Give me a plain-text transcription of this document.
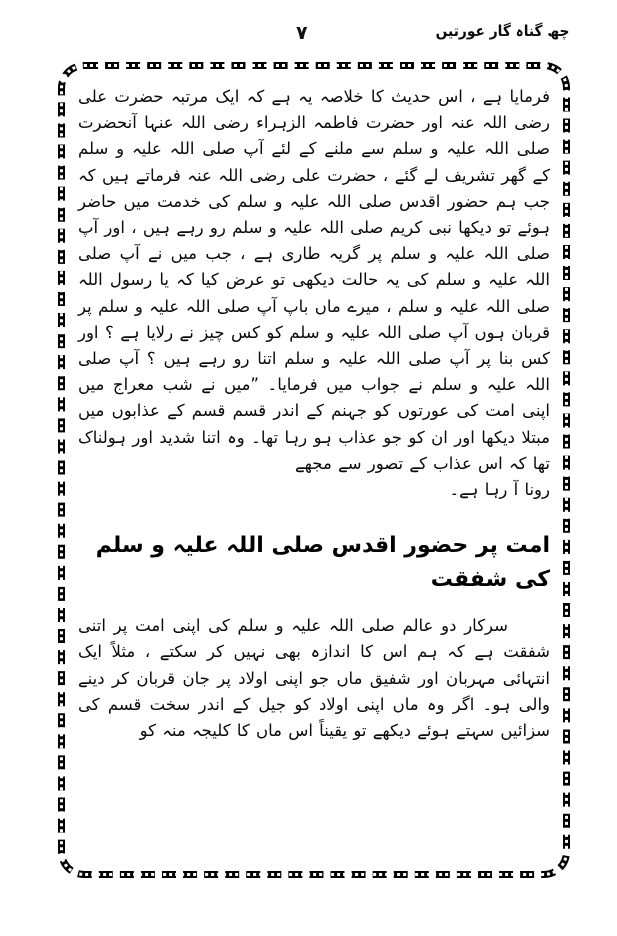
چھ گناہ گار عورتیں
٧

فرمایا ہے ، اس حدیث کا خلاصہ یہ ہے کہ ایک مرتبہ حضرت علی رضی اللہ عنہ اور حضرت فاطمہ الزہراء رضی اللہ عنہا آنحضرت صلی اللہ علیہ و سلم سے ملنے کے لئے آپ صلی اللہ علیہ و سلم کے گھر تشریف لے گئے ، حضرت علی رضی اللہ عنہ فرماتے ہیں کہ جب ہم حضور اقدس صلی اللہ علیہ و سلم کی خدمت میں حاضر ہوئے تو دیکھا نبی کریم صلی اللہ علیہ و سلم رو رہے ہیں ، اور آپ صلی اللہ علیہ و سلم پر گریہ طاری ہے ، جب میں نے آپ صلی اللہ علیہ و سلم کی یہ حالت دیکھی تو عرض کیا کہ یا رسول اللہ صلی اللہ علیہ و سلم ، میرے ماں باپ آپ صلی اللہ علیہ و سلم پر قربان ہوں آپ صلی اللہ علیہ و سلم کو کس چیز نے رلایا ہے ؟ اور کس بنا پر آپ صلی اللہ علیہ و سلم اتنا رو رہے ہیں ؟ آپ صلی اللہ علیہ و سلم نے جواب میں فرمایا۔ ”میں نے شب معراج میں اپنی امت کی عورتوں کو جہنم کے اندر قسم قسم کے عذابوں میں مبتلا دیکھا اور ان کو جو عذاب ہو رہا تھا۔ وہ اتنا شدید اور ہولناک تھا کہ اس عذاب کے تصور سے مجھے
رونا آ رہا ہے۔

امت پر حضور اقدس صلی اللہ علیہ و سلم کی شفقت

سرکار دو عالم صلی اللہ علیہ و سلم کی اپنی امت پر اتنی شفقت ہے کہ ہم اس کا اندازہ بھی نہیں کر سکتے ، مثلاً ایک انتہائی مہربان اور شفیق ماں جو اپنی اولاد پر جان قربان کر دینے والی ہو۔ اگر وہ ماں اپنی اولاد کو جیل کے اندر سخت قسم کی سزائیں سہتے ہوئے دیکھے تو یقیناً اس ماں کا کلیجہ منہ کو
